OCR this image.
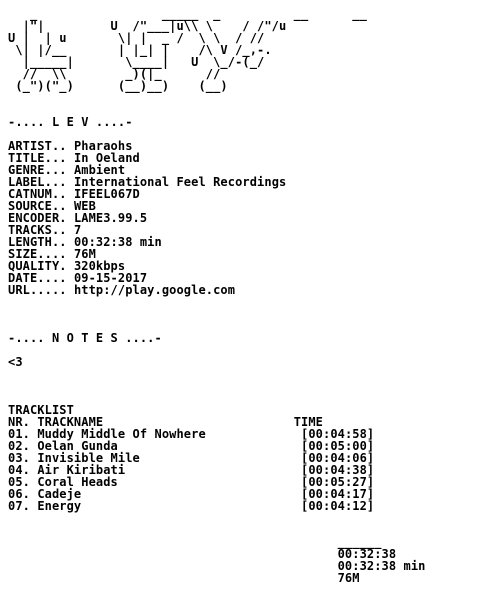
_                 _____  _          __      __
|"|         U  /"___|u\\ \    / /"/u
U |  | u       \| |  _ /  \ \  / //
\| |/__       | |_| |    /\ V /_,-.
|_____|       \____|   U  \_/-(_/
//  \\        _)(|_      //
(_")("_)      (__)__)    (__)

-.... L E V ....-

ARTIST.. Pharaohs
TITLE... In Oeland
GENRE... Ambient
LABEL... International Feel Recordings
CATNUM.. IFEEL067D
SOURCE.. WEB
ENCODER. LAME3.99.5
TRACKS.. 7
LENGTH.. 00:32:38 min
SIZE.... 76M
QUALITY. 320kbps
DATE.... 09-15-2017
URL..... http://play.google.com

-.... N O T E S ....-

<3

TRACKLIST
NR. TRACKNAME	TIME
01. Muddy Middle Of Nowhere	[00:04:58]
02. Oelan Gunda	[00:05:00]
03. Invisible Mile	[00:04:06]
04. Air Kiribati	[00:04:38]
05. Coral Heads	[00:05:27]
06. Cadeje	[00:04:17]
07. Energy	[00:04:12]

______
00:32:38
00:32:38 min
76M
